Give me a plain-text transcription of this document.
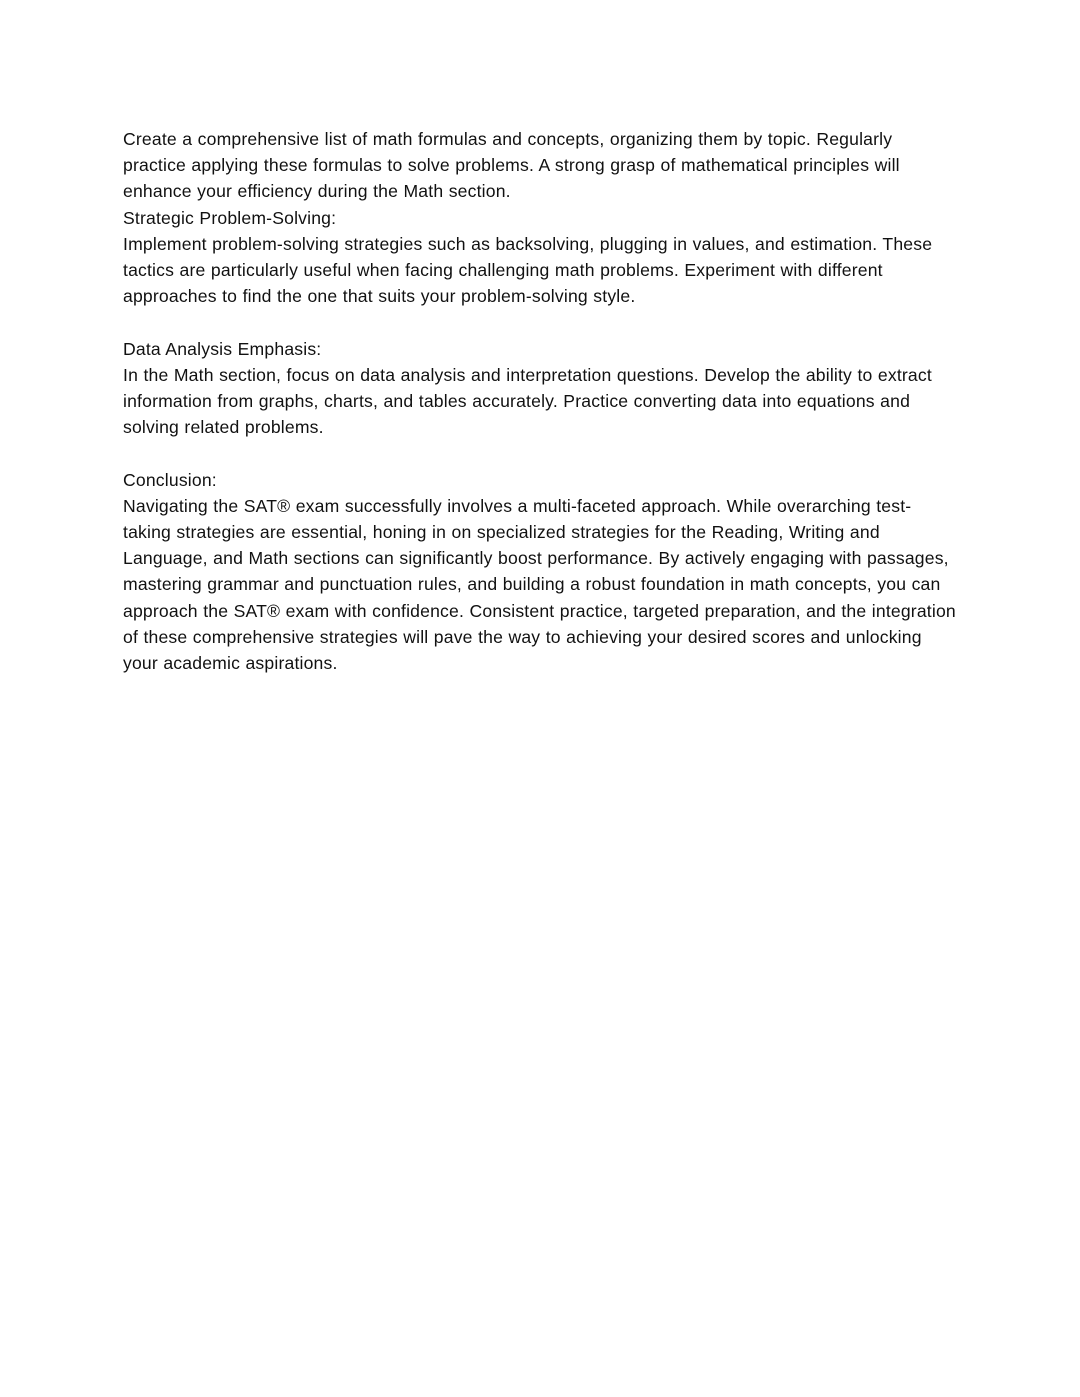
Create a comprehensive list of math formulas and concepts, organizing them by topic. Regularly practice applying these formulas to solve problems. A strong grasp of mathematical principles will enhance your efficiency during the Math section.

Strategic Problem-Solving:

Implement problem-solving strategies such as backsolving, plugging in values, and estimation. These tactics are particularly useful when facing challenging math problems. Experiment with different approaches to find the one that suits your problem-solving style.

Data Analysis Emphasis:

In the Math section, focus on data analysis and interpretation questions. Develop the ability to extract information from graphs, charts, and tables accurately. Practice converting data into equations and solving related problems.

Conclusion:

Navigating the SAT® exam successfully involves a multi-faceted approach. While overarching test-taking strategies are essential, honing in on specialized strategies for the Reading, Writing and Language, and Math sections can significantly boost performance. By actively engaging with passages, mastering grammar and punctuation rules, and building a robust foundation in math concepts, you can approach the SAT® exam with confidence. Consistent practice, targeted preparation, and the integration of these comprehensive strategies will pave the way to achieving your desired scores and unlocking your academic aspirations.
